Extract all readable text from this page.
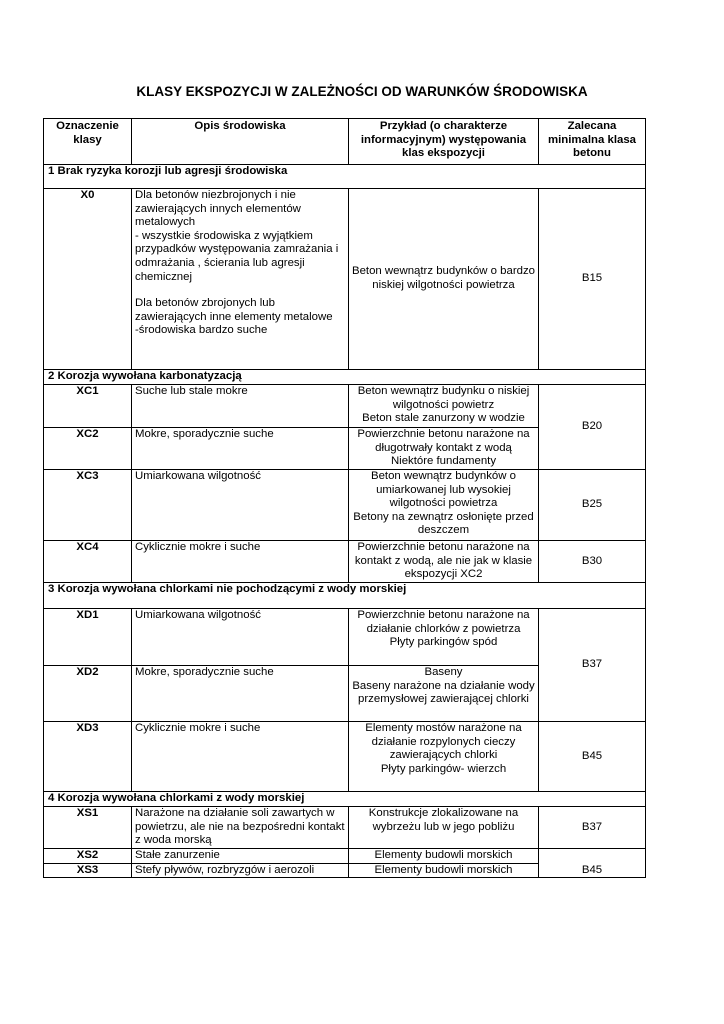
KLASY EKSPOZYCJI W ZALEŻNOŚCI OD WARUNKÓW ŚRODOWISKA
Oznaczenie klasy	Opis środowiska	Przykład (o charakterze informacyjnym) występowania klas ekspozycji	Zalecana minimalna klasa betonu
1 Brak ryzyka korozji lub agresji środowiska			
X0	Dla betonów niezbrojonych i nie zawierających innych elementów metalowych

- wszystkie środowiska z wyjątkiem przypadków występowania zamrażania i odmrażania , ścierania lub agresji chemicznej

Dla betonów zbrojonych lub zawierających inne elementy metalowe

-środowiska bardzo suche	Beton wewnątrz budynków o bardzo niskiej wilgotności powietrza	B15
2 Korozja wywołana karbonatyzacją			
XC1	Suche lub stale mokre	Beton wewnątrz budynku o niskiej wilgotności powietrz
Beton stale zanurzony w wodzie	B20
XC2	Mokre, sporadycznie suche	Powierzchnie betonu narażone na długotrwały kontakt z wodą
Niektóre fundamenty	

XC3	Umiarkowana wilgotność	Beton wewnątrz budynków o umiarkowanej lub wysokiej wilgotności powietrza
Betony na zewnątrz osłonięte przed deszczem	B25
XC4	Cyklicznie mokre i suche	Powierzchnie betonu narażone na kontakt z wodą, ale nie jak w klasie ekspozycji XC2	B30
3 Korozja wywołana chlorkami nie pochodzącymi z wody morskiej			
XD1	Umiarkowana wilgotność	Powierzchnie betonu narażone na działanie chlorków z powietrza
Płyty parkingów spód	B37
XD2	Mokre, sporadycznie suche	Baseny
Baseny narażone na działanie wody przemysłowej zawierającej chlorki	

XD3	Cyklicznie mokre i suche	Elementy mostów narażone na działanie rozpylonych cieczy zawierających chlorki
Płyty parkingów- wierzch	B45
4 Korozja wywołana chlorkami z wody morskiej			
XS1	Narażone na działanie soli zawartych w powietrzu, ale nie na bezpośredni kontakt z woda morską	Konstrukcje zlokalizowane na wybrzeżu lub w jego pobliżu	B37
XS2	Stałe zanurzenie	Elementy budowli morskich	B45
XS3	Stefy pływów, rozbryzgów i aerozoli	Elementy budowli morskich	
